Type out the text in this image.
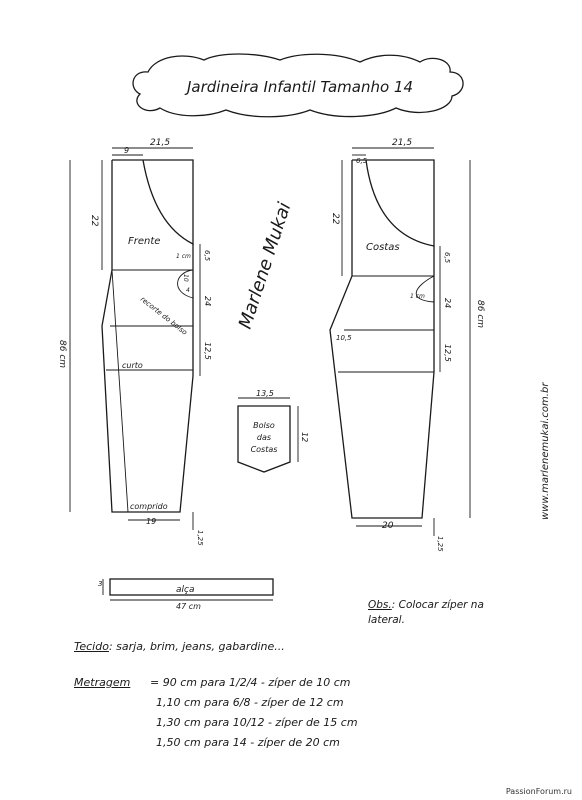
Jardineira Infantil Tamanho 14
Frente
21,5
9
86 cm
22
6,5
24
12,5
1 cm
10
4
recorte do bolso
curto
comprido
19
1,25
Costas
21,5
6,5
86 cm
22
6,5
24
12,5
1 cm
10,5
20
1,25
13,5
12
Bolso
das
Costas
alça
47 cm
3
Marlene Mukai
www.marlenemukai.com.br
Obs.: Colocar zíper na lateral.
Tecido: sarja, brim, jeans, gabardine...
Metragem = 90 cm para 1/2/4 - zíper de 10 cm
1,10 cm para 6/8 - zíper de 12 cm
1,30 cm para 10/12 - zíper de 15 cm
1,50 cm para 14 - zíper de 20 cm
PassionForum.ru
